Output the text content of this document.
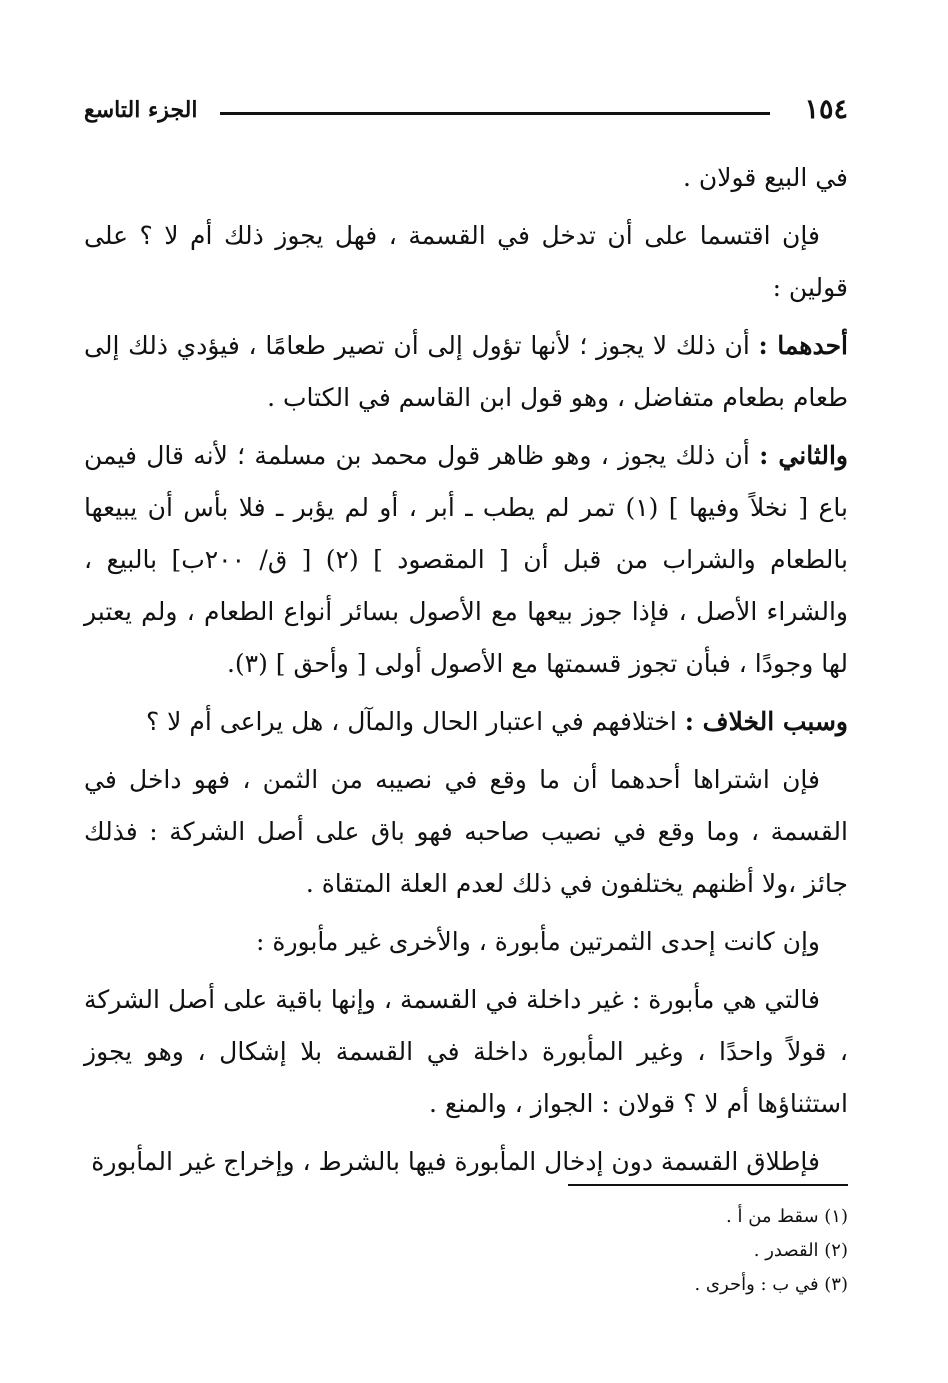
١٥٤
الجزء التاسع

في البيع قولان .

فإن اقتسما على أن تدخل في القسمة ، فهل يجوز ذلك أم لا ؟ على قولين :

أحدهما : أن ذلك لا يجوز ؛ لأنها تؤول إلى أن تصير طعامًا ، فيؤدي ذلك إلى طعام بطعام متفاضل ، وهو قول ابن القاسم في الكتاب .

والثاني : أن ذلك يجوز ، وهو ظاهر قول محمد بن مسلمة ؛ لأنه قال فيمن باع [ نخلاً وفيها ] (١) تمر لم يطب ـ أبر ، أو لم يؤبر ـ فلا بأس أن يبيعها بالطعام والشراب من قبل أن [ المقصود ] (٢) [ ق/ ٢٠٠ب] بالبيع ، والشراء الأصل ، فإذا جوز بيعها مع الأصول بسائر أنواع الطعام ، ولم يعتبر لها وجودًا ، فبأن تجوز قسمتها مع الأصول أولى [ وأحق ] (٣).

وسبب الخلاف : اختلافهم في اعتبار الحال والمآل ، هل يراعى أم لا ؟

فإن اشتراها أحدهما أن ما وقع في نصيبه من الثمن ، فهو داخل في القسمة ، وما وقع في نصيب صاحبه فهو باق على أصل الشركة : فذلك جائز ،ولا أظنهم يختلفون في ذلك لعدم العلة المتقاة .

وإن كانت إحدى الثمرتين مأبورة ، والأخرى غير مأبورة :

فالتي هي مأبورة : غير داخلة في القسمة ، وإنها باقية على أصل الشركة ، قولاً واحدًا ، وغير المأبورة داخلة في القسمة بلا إشكال ، وهو يجوز استثناؤها أم لا ؟ قولان : الجواز ، والمنع .

فإطلاق القسمة دون إدخال المأبورة فيها بالشرط ، وإخراج غير المأبورة

(١) سقط من أ .

(٢) القصدر .

(٣) في ب : وأحرى .
